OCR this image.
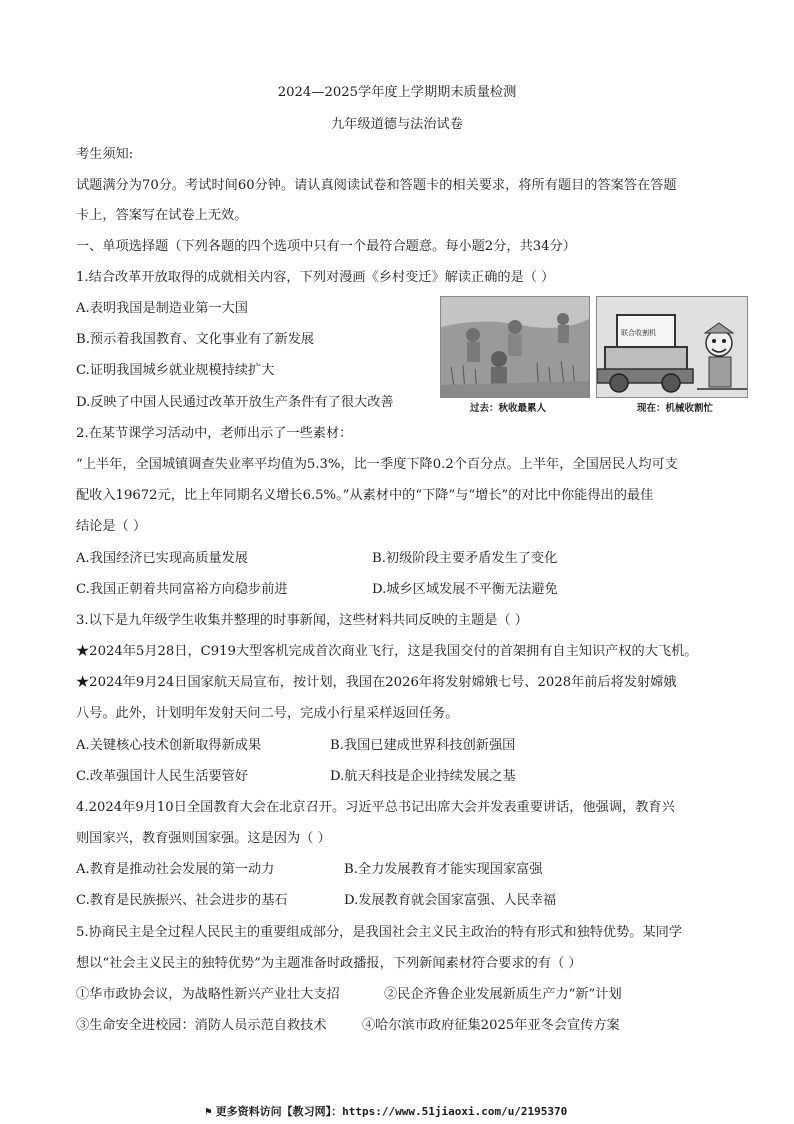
2024—2025学年度上学期期末质量检测
九年级道德与法治试卷
考生须知:
试题满分为70分。考试时间60分钟。请认真阅读试卷和答题卡的相关要求，将所有题目的答案答在答题
卡上，答案写在试卷上无效。
一、单项选择题（下列各题的四个选项中只有一个最符合题意。每小题2分，共34分）
1.结合改革开放取得的成就相关内容，下列对漫画《乡村变迁》解读正确的是（ ）
A.表明我国是制造业第一大国
B.预示着我国教育、文化事业有了新发展
C.证明我国城乡就业规模持续扩大
D.反映了中国人民通过改革开放生产条件有了很大改善
联合收割机
过去：秋收最累人	现在：机械收割忙
2.在某节课学习活动中，老师出示了一些素材：
“上半年，全国城镇调查失业率平均值为5.3%，比一季度下降0.2个百分点。上半年，全国居民人均可支
配收入19672元，比上年同期名义增长6.5%。”从素材中的“下降”与“增长”的对比中你能得出的最佳
结论是（ ）
A.我国经济已实现高质量发展	B.初级阶段主要矛盾发生了变化
C.我国正朝着共同富裕方向稳步前进	D.城乡区域发展不平衡无法避免
3.以下是九年级学生收集并整理的时事新闻，这些材料共同反映的主题是（ ）
★2024年5月28日，C919大型客机完成首次商业飞行，这是我国交付的首架拥有自主知识产权的大飞机。
★2024年9月24日国家航天局宣布，按计划，我国在2026年将发射嫦娥七号、2028年前后将发射嫦娥
八号。此外，计划明年发射天问二号，完成小行星采样返回任务。
A.关键核心技术创新取得新成果	B.我国已建成世界科技创新强国
C.改革强国计人民生活要管好	D.航天科技是企业持续发展之基
4.2024年9月10日全国教育大会在北京召开。习近平总书记出席大会并发表重要讲话，他强调，教育兴
则国家兴，教育强则国家强。这是因为（ ）
A.教育是推动社会发展的第一动力	B.全力发展教育才能实现国家富强
C.教育是民族振兴、社会进步的基石	D.发展教育就会国家富强、人民幸福
5.协商民主是全过程人民民主的重要组成部分，是我国社会主义民主政治的特有形式和独特优势。某同学
想以“社会主义民主的独特优势”为主题准备时政播报，下列新闻素材符合要求的有（ ）
①华市政协会议，为战略性新兴产业壮大支招	②民企齐鲁企业发展新质生产力“新”计划
③生命安全进校园：消防人员示范自救技术	④哈尔滨市政府征集2025年亚冬会宣传方案
⚑ 更多资料访问【教习网】：https://www.51jiaoxi.com/u/2195370
